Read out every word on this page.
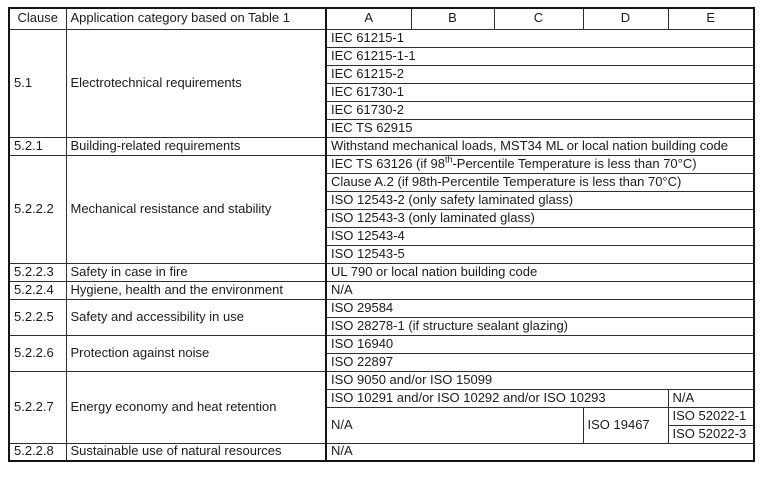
Clause	Application category based on Table 1	A	B	C	D	E
5.1	Electrotechnical requirements	IEC 61215-1				
		IEC 61215-1-1				
		IEC 61215-2				
		IEC 61730-1				
		IEC 61730-2				
		IEC TS 62915				
5.2.1	Building-related requirements	Withstand mechanical loads, MST34 ML or local nation building code				
5.2.2.2	Mechanical resistance and stability	IEC TS 63126 (if 98th-Percentile Temperature is less than 70°C)				
		Clause A.2 (if 98th-Percentile Temperature is less than 70°C)				
		ISO 12543-2 (only safety laminated glass)				
		ISO 12543-3 (only laminated glass)				
		ISO 12543-4				
		ISO 12543-5				
5.2.2.3	Safety in case in fire	UL 790 or local nation building code				
5.2.2.4	Hygiene, health and the environment	N/A				
5.2.2.5	Safety and accessibility in use	ISO 29584				
		ISO 28278-1 (if structure sealant glazing)				
5.2.2.6	Protection against noise	ISO 16940				
		ISO 22897				
5.2.2.7	Energy economy and heat retention	ISO 9050 and/or ISO 15099				
		ISO 10291 and/or ISO 10292 and/or ISO 10293				N/A
		N/A			ISO 19467	ISO 52022-1
						ISO 52022-3
5.2.2.8	Sustainable use of natural resources	N/A				
